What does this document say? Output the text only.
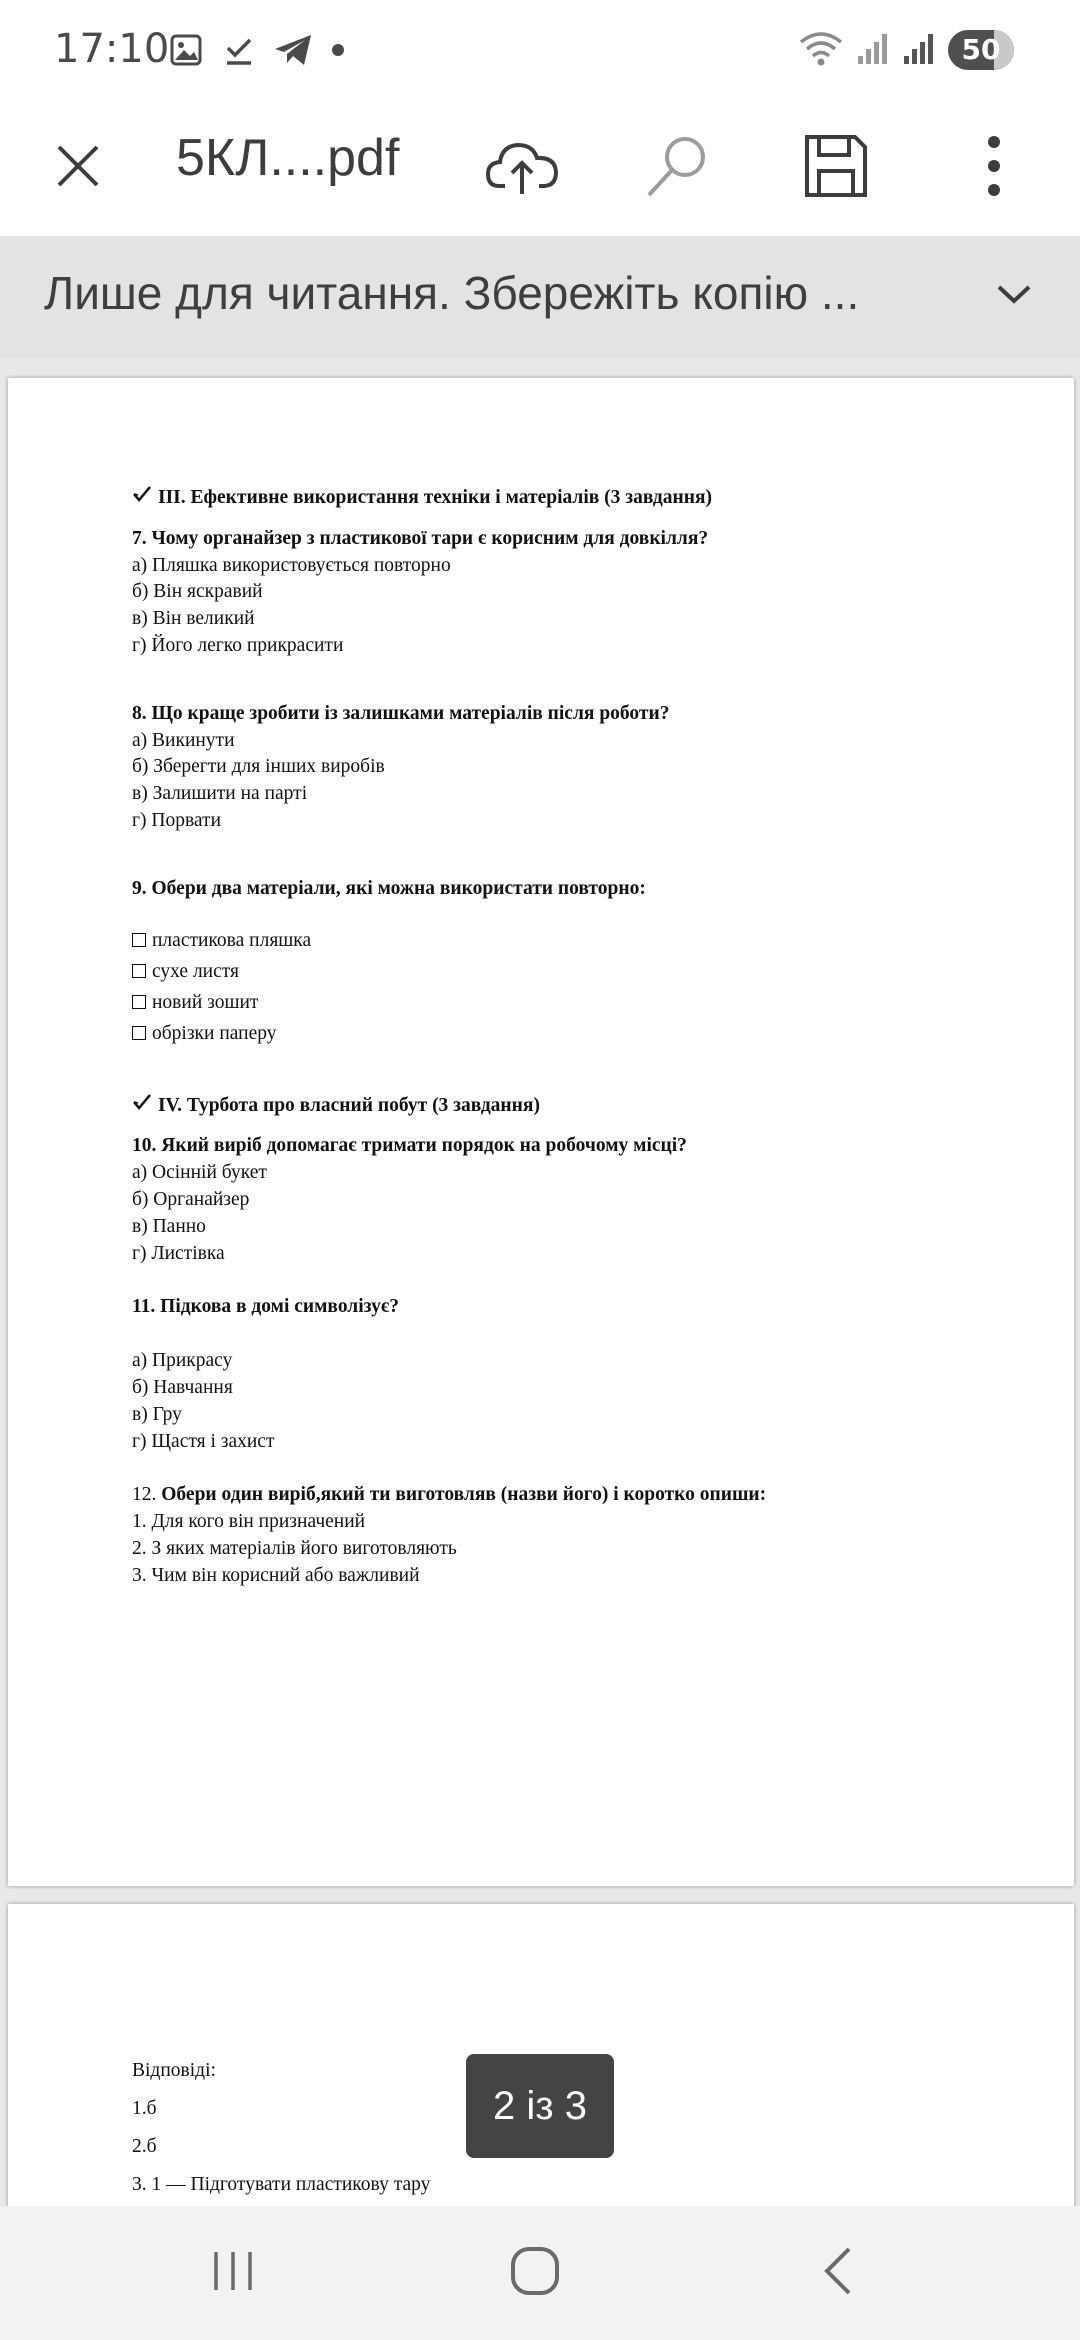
17:10	50
5КЛ....pdf
Лише для читання. Збережіть копію ...

III. Ефективне використання техніки і матеріалів (3 завдання)

7. Чому органайзер з пластикової тари є корисним для довкілля?

а) Пляшка використовується повторно

б) Він яскравий

в) Він великий

г) Його легко прикрасити

8. Що краще зробити із залишками матеріалів після роботи?

а) Викинути

б) Зберегти для інших виробів

в) Залишити на парті

г) Порвати

9. Обери два матеріали, які можна використати повторно:

пластикова пляшка

сухе листя

новий зошит

обрізки паперу

IV. Турбота про власний побут (3 завдання)

10. Який виріб допомагає тримати порядок на робочому місці?

а) Осінній букет

б) Органайзер

в) Панно

г) Листівка

11. Підкова в домі символізує?

а) Прикрасу

б) Навчання

в) Гру

г) Щастя і захист

12. Обери один виріб,який ти виготовляв (назви його) і коротко опиши:

1. Для кого він призначений

2. З яких матеріалів його виготовляють

3. Чим він корисний або важливий

Відповіді:

1.б

2.б

3. 1 — Підготувати пластикову тару

2 із 3
